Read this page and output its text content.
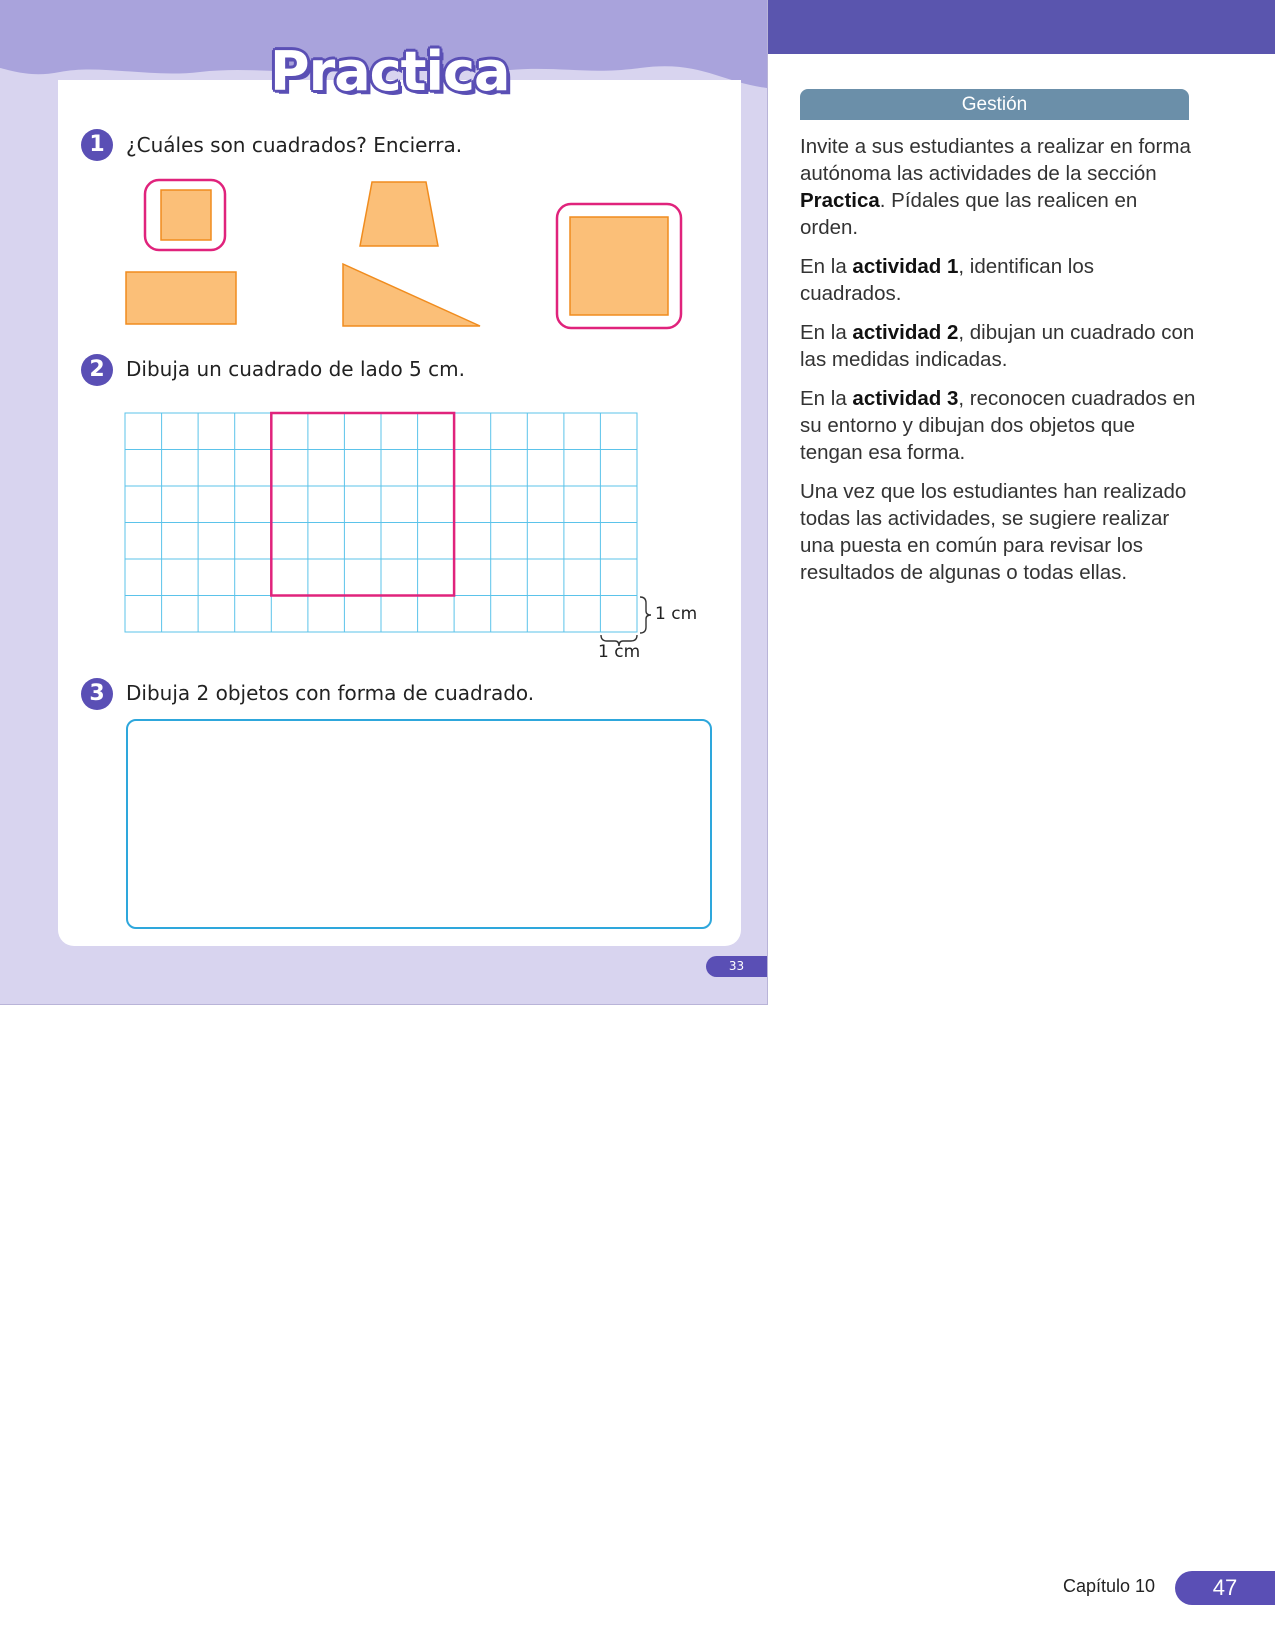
Practica
1	¿Cuáles son cuadrados? Encierra.
2	Dibuja un cuadrado de lado 5 cm.
1 cm
1 cm
3	Dibuja 2 objetos con forma de cuadrado.
33
Gestión

Invite a sus estudiantes a realizar en forma autónoma las actividades de la sección Practica. Pídales que las realicen en orden.

En la actividad 1, identifican los cuadrados.

En la actividad 2, dibujan un cuadrado con las medidas indicadas.

En la actividad 3, reconocen cuadrados en su entorno y dibujan dos objetos que tengan esa forma.

Una vez que los estudiantes han realizado todas las actividades, se sugiere realizar una puesta en común para revisar los resultados de algunas o todas ellas.

Capítulo 10	47
